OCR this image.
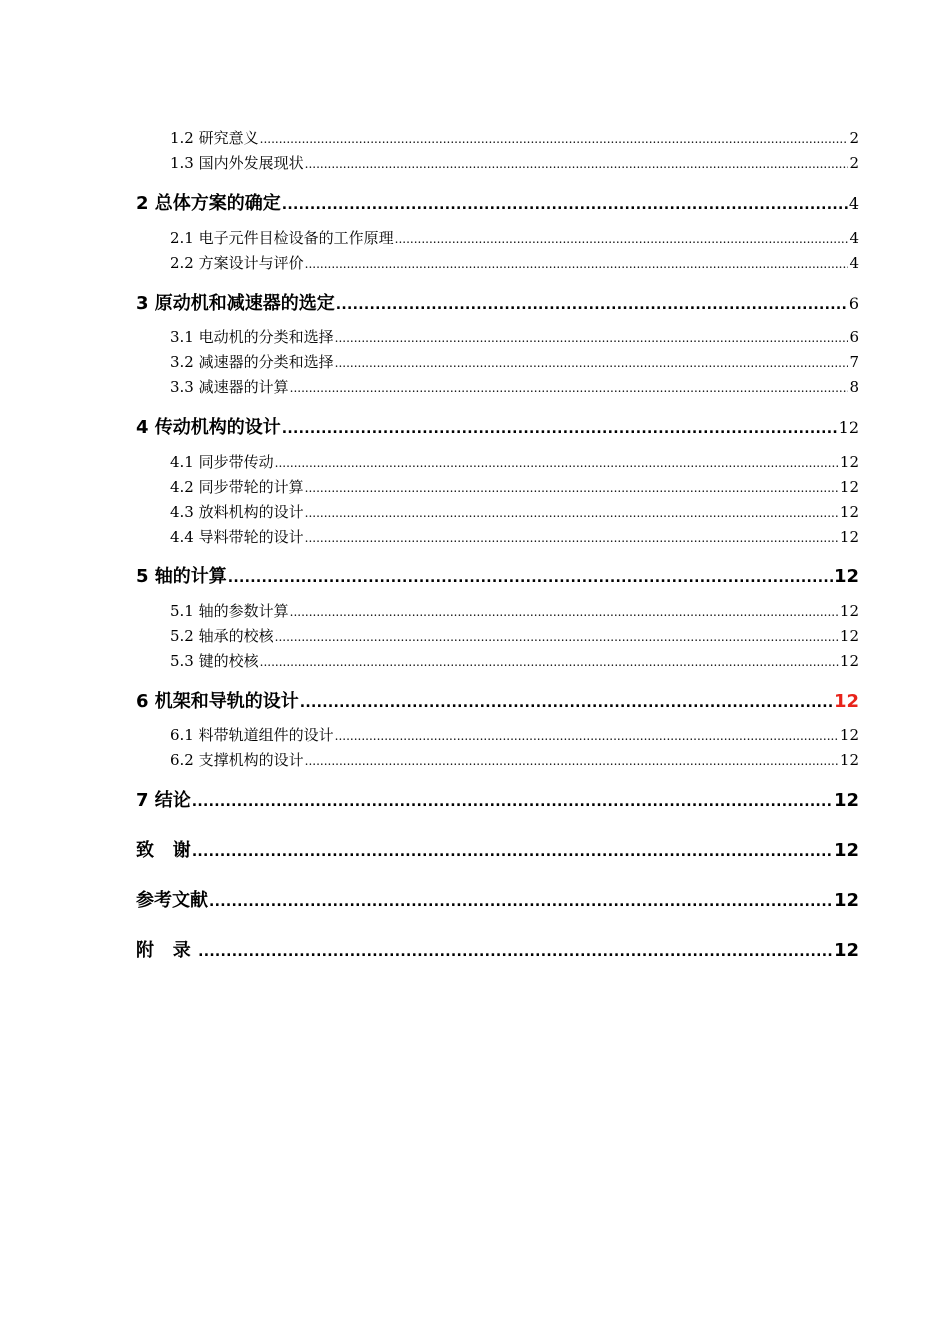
1.2 研究意义 .....	2
1.3 国内外发展现状 .....	2
2 总体方案的确定 .....	4
2.1 电子元件目检设备的工作原理 .....	4
2.2 方案设计与评价 .....	4
3 原动机和减速器的选定 .....	6
3.1 电动机的分类和选择 .....	6
3.2 减速器的分类和选择 .....	7
3.3 减速器的计算 .....	8
4 传动机构的设计 .....	12
4.1 同步带传动 .....	12
4.2 同步带轮的计算 .....	12
4.3 放料机构的设计 .....	12
4.4 导料带轮的设计 .....	12
5 轴的计算 .....	12
5.1 轴的参数计算 .....	12
5.2 轴承的校核 .....	12
5.3 键的校核 .....	12
6 机架和导轨的设计 .....	12
6.1 料带轨道组件的设计 .....	12
6.2 支撑机构的设计 .....	12
7 结论 .....	12
致   谢 .....	12
参考文献 .....	12
附   录 .....	12
